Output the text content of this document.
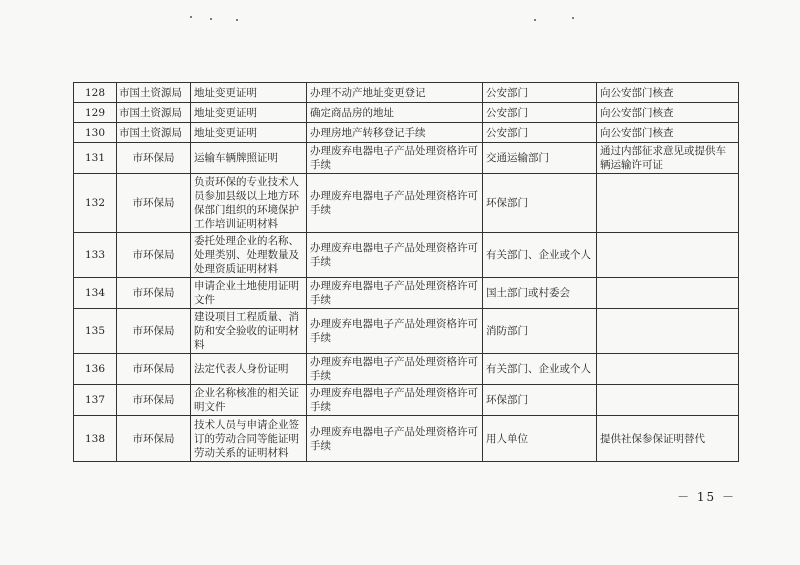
128	市国土资源局	地址变更证明	办理不动产地址变更登记	公安部门	向公安部门核查
129	市国土资源局	地址变更证明	确定商品房的地址	公安部门	向公安部门核查
130	市国土资源局	地址变更证明	办理房地产转移登记手续	公安部门	向公安部门核查
131	市环保局	运输车辆牌照证明	办理废弃电器电子产品处理资格许可手续	交通运输部门	通过内部征求意见或提供车辆运输许可证
132	市环保局	负责环保的专业技术人员参加县级以上地方环保部门组织的环境保护工作培训证明材料	办理废弃电器电子产品处理资格许可手续	环保部门	
133	市环保局	委托处理企业的名称、处理类别、处理数量及处理资质证明材料	办理废弃电器电子产品处理资格许可手续	有关部门、企业或个人	
134	市环保局	申请企业土地使用证明文件	办理废弃电器电子产品处理资格许可手续	国土部门或村委会	
135	市环保局	建设项目工程质量、消防和安全验收的证明材料	办理废弃电器电子产品处理资格许可手续	消防部门	
136	市环保局	法定代表人身份证明	办理废弃电器电子产品处理资格许可手续	有关部门、企业或个人	
137	市环保局	企业名称核准的相关证明文件	办理废弃电器电子产品处理资格许可手续	环保部门	
138	市环保局	技术人员与申请企业签订的劳动合同等能证明劳动关系的证明材料	办理废弃电器电子产品处理资格许可手续	用人单位	提供社保参保证明替代
－ 15 －
